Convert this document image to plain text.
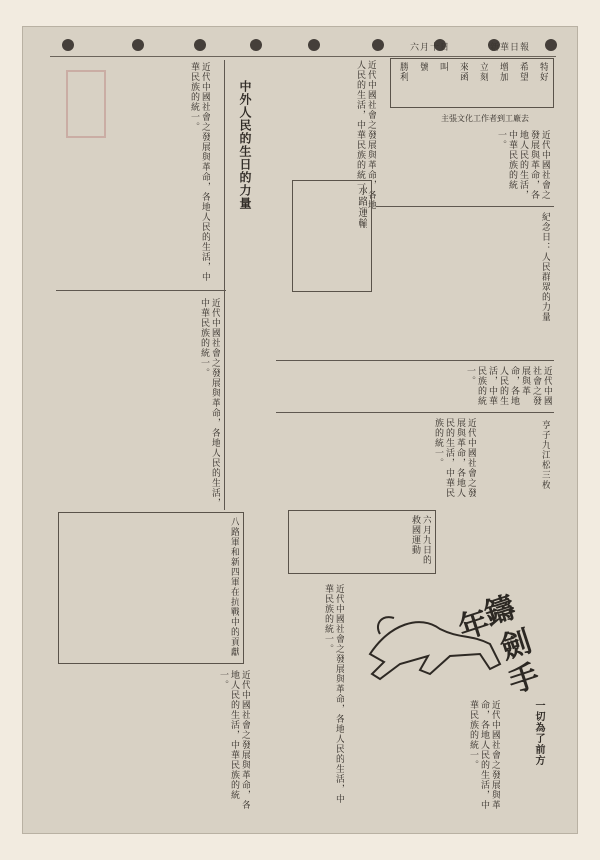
六月十日	新華日報
近代中國社會之發展與革命，各地人民的生活，中華民族的統一。
近代中國社會之發展與革命，各地人民的生活，中華民族的統一。
中外人民的生日的力量	近代中國社會之發展與革命，各地人民的生活，中華民族的統一。
水路運輸
特好
希望
增加
立刻
來函
叫
號
勝利
主張文化工作者到工廠去
近代中國社會之發展與革命，各地人民的生活，中華民族的統一。
紀念日：人民群眾的力量
近代中國社會之發展與革命，各地人民的生活，中華民族的統一。
近代中國社會之發展與革命，各地人民的生活，中華民族的統一。	亨子九江松三枚
六月九日的救國運動
八路軍和新四軍在抗戰中的貢獻
近代中國社會之發展與革命，各地人民的生活，中華民族的統一。	近代中國社會之發展與革命，各地人民的生活，中華民族的統一。	年
鑄
劍
手
近代中國社會之發展與革命，各地人民的生活，中華民族的統一。	一切為了前方
